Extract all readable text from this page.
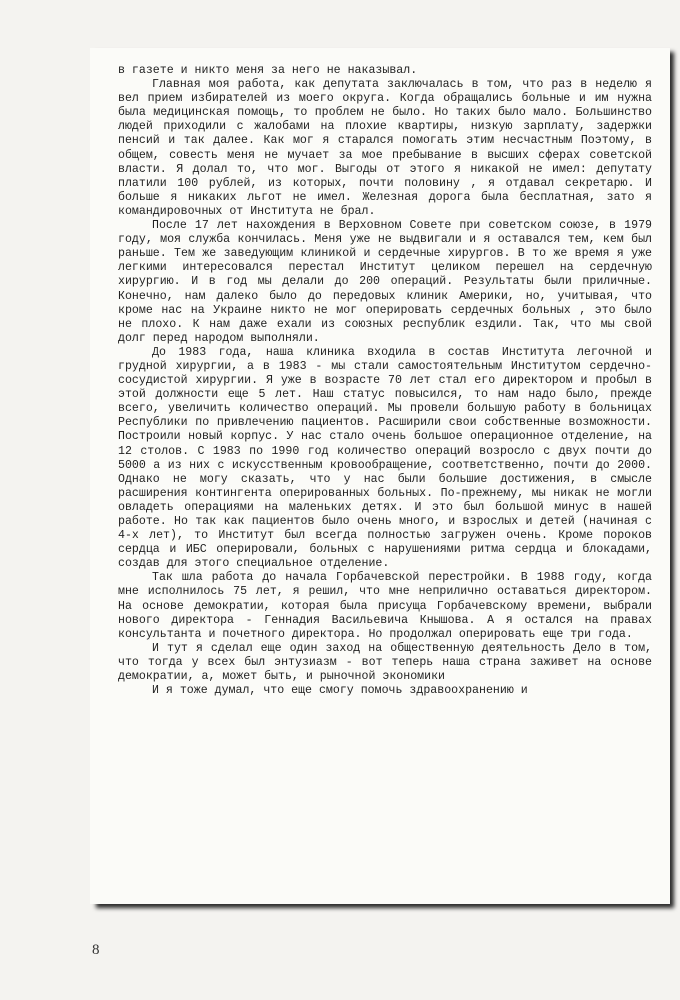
в газете и никто меня за него не наказывал.

Главная моя работа, как депутата заключалась в том, что раз в неделю я вел прием избирателей из моего округа. Когда обращались больные и им нужна была медицинская помощь, то проблем не было. Но таких было мало. Большинство людей приходили с жалобами на плохие квартиры, низкую зарплату, задержки пенсий и так далее. Как мог я старался помогать этим несчастным Поэтому, в общем, совесть меня не мучает за мое пребывание в высших сферах советской власти. Я долал то, что мог. Выгоды от этого я никакой не имел: депутату платили 100 рублей, из которых, почти половину , я отдавал секретарю. И больше я никаких льгот не имел. Железная дорога была бесплатная, зато я командировочных от Института не брал.

После 17 лет нахождения в Верховном Совете при советском союзе, в 1979 году, моя служба кончилась. Меня уже не выдвигали и я оставался тем, кем был раньше. Тем же заведующим клиникой и сердечные хирургов. В то же время я уже легкими интересовался перестал Институт целиком перешел на сердечную хирургию. И в год мы делали до 200 операций. Результаты были приличные. Конечно, нам далеко было до передовых клиник Америки, но, учитывая, что кроме нас на Украине никто не мог оперировать сердечных больных , это было не плохо. К нам даже ехали из союзных республик ездили. Так, что мы свой долг перед народом выполняли.

До 1983 года, наша клиника входила в состав Института легочной и грудной хирургии, а в 1983 - мы стали самостоятельным Институтом сердечно-сосудистой хирургии. Я уже в возрасте 70 лет стал его директором и пробыл в этой должности еще 5 лет. Наш статус повысился, то нам надо было, прежде всего, увеличить количество операций. Мы провели большую работу в больницах Республики по привлечению пациентов. Расширили свои собственные возможности. Построили новый корпус. У нас стало очень большое операционное отделение, на 12 столов. С 1983 по 1990 год количество операций возросло с двух почти до 5000 а из них с искусственным кровообращение, соответственно, почти до 2000. Однако не могу сказать, что у нас были большие достижения, в смысле расширения контингента оперированных больных. По-прежнему, мы никак не могли овладеть операциями на маленьких детях. И это был большой минус в нашей работе. Но так как пациентов было очень много, и взрослых и детей (начиная с 4-х лет), то Институт был всегда полностью загружен очень. Кроме пороков сердца и ИБС оперировали, больных с нарушениями ритма сердца и блокадами, создав для этого специальное отделение.

Так шла работа до начала Горбачевской перестройки. В 1988 году, когда мне исполнилось 75 лет, я решил, что мне неприлично оставаться директором. На основе демократии, которая была присуща Горбачевскому времени, выбрали нового директора - Геннадия Васильевича Кнышова. А я остался на правах консультанта и почетного директора. Но продолжал оперировать еще три года.

И тут я сделал еще один заход на общественную деятельность Дело в том, что тогда у всех был энтузиазм - вот теперь наша страна заживет на основе демократии, а, может быть, и рыночной экономики

И я тоже думал, что еще смогу помочь здравоохранению и

8
